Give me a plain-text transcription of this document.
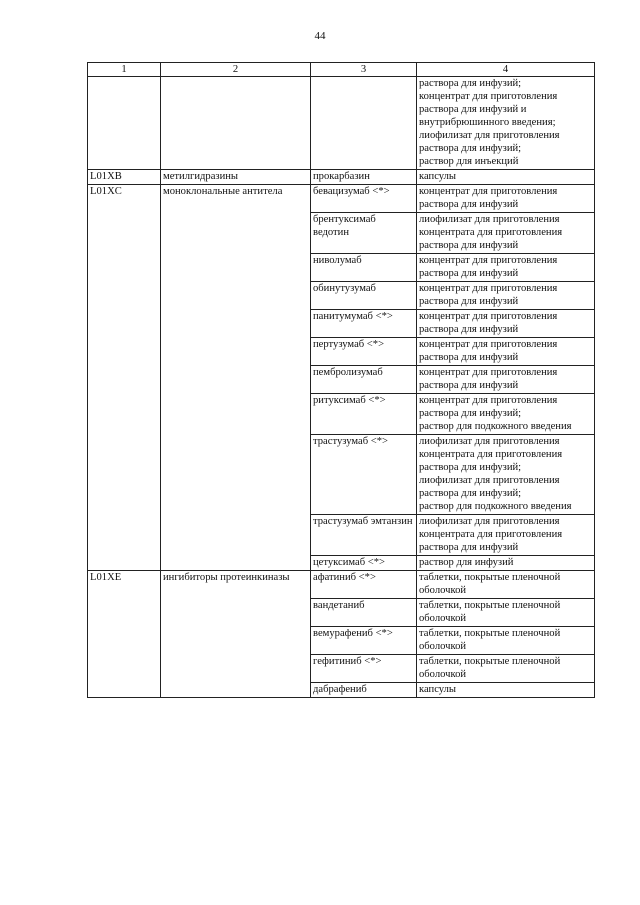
44
1	2	3	4

			раствора для инфузий;
концентрат для приготовления раствора для инфузий и внутрибрюшинного введения;
лиофилизат для приготовления раствора для инфузий;
раствор для инъекций

L01XB	метилгидразины	прокарбазин	капсулы

L01XC	моноклональные антитела	бевацизумаб <*>	концентрат для приготовления раствора для инфузий

		брентуксимаб ведотин	лиофилизат для приготовления концентрата для приготовления раствора для инфузий

		ниволумаб	концентрат для приготовления раствора для инфузий

		обинутузумаб	концентрат для приготовления раствора для инфузий

		панитумумаб <*>	концентрат для приготовления раствора для инфузий

		пертузумаб <*>	концентрат для приготовления раствора для инфузий

		пембролизумаб	концентрат для приготовления раствора для инфузий

		ритуксимаб <*>	концентрат для приготовления раствора для инфузий;
раствор для подкожного введения

		трастузумаб <*>	лиофилизат для приготовления концентрата для приготовления раствора для инфузий;
лиофилизат для приготовления раствора для инфузий;
раствор для подкожного введения

		трастузумаб эмтанзин	лиофилизат для приготовления концентрата для приготовления раствора для инфузий

		цетуксимаб <*>	раствор для инфузий

L01XE	ингибиторы протеинкиназы	афатиниб <*>	таблетки, покрытые пленочной оболочкой

		вандетаниб	таблетки, покрытые пленочной оболочкой

		вемурафениб <*>	таблетки, покрытые пленочной оболочкой

		гефитиниб <*>	таблетки, покрытые пленочной оболочкой

		дабрафениб	капсулы
